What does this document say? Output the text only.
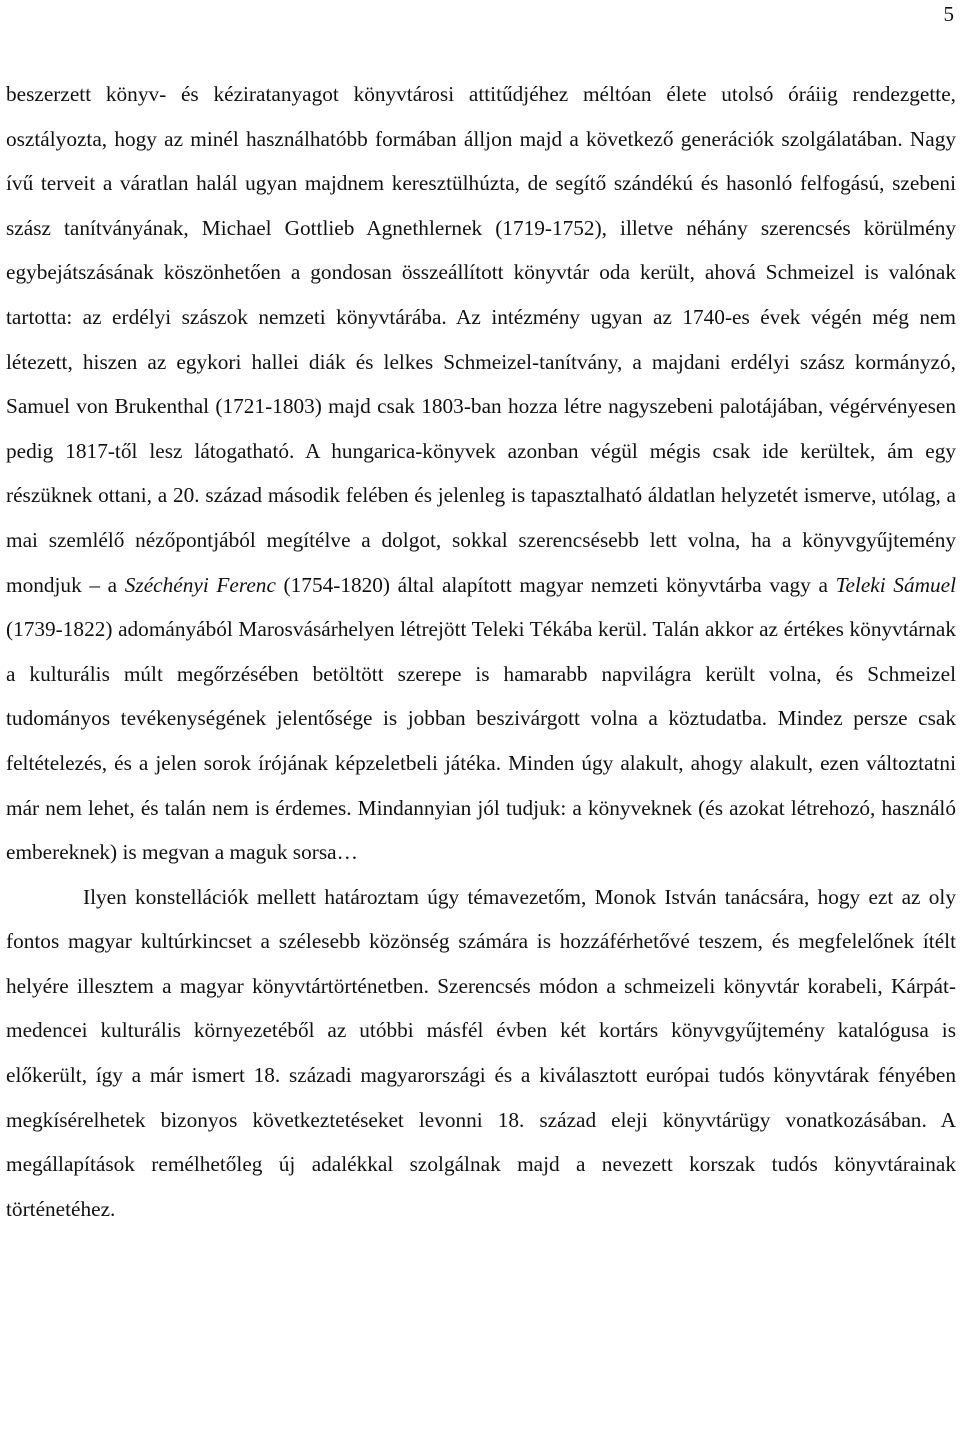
5

beszerzett könyv- és kéziratanyagot könyvtárosi attitűdjéhez méltóan élete utolsó óráiig rendezgette, osztályozta, hogy az minél használhatóbb formában álljon majd a következő generációk szolgálatában. Nagy ívű terveit a váratlan halál ugyan majdnem keresztülhúzta, de segítő szándékú és hasonló felfogású, szebeni szász tanítványának, Michael Gottlieb Agnethlernek (1719-1752), illetve néhány szerencsés körülmény egybejátszásának köszönhetően a gondosan összeállított könyvtár oda került, ahová Schmeizel is valónak tartotta: az erdélyi szászok nemzeti könyvtárába. Az intézmény ugyan az 1740-es évek végén még nem létezett, hiszen az egykori hallei diák és lelkes Schmeizel-tanítvány, a majdani erdélyi szász kormányzó, Samuel von Brukenthal (1721-1803) majd csak 1803-ban hozza létre nagyszebeni palotájában, végérvényesen pedig 1817-től lesz látogatható. A hungarica-könyvek azonban végül mégis csak ide kerültek, ám egy részüknek ottani, a 20. század második felében és jelenleg is tapasztalható áldatlan helyzetét ismerve, utólag, a mai szemlélő nézőpontjából megítélve a dolgot, sokkal szerencsésebb lett volna, ha a könyvgyűjtemény mondjuk – a Széchényi Ferenc (1754-1820) által alapított magyar nemzeti könyvtárba vagy a Teleki Sámuel (1739-1822) adományából Marosvásárhelyen létrejött Teleki Tékába kerül. Talán akkor az értékes könyvtárnak a kulturális múlt megőrzésében betöltött szerepe is hamarabb napvilágra került volna, és Schmeizel tudományos tevékenységének jelentősége is jobban beszivárgott volna a köztudatba. Mindez persze csak feltételezés, és a jelen sorok írójának képzeletbeli játéka. Minden úgy alakult, ahogy alakult, ezen változtatni már nem lehet, és talán nem is érdemes. Mindannyian jól tudjuk: a könyveknek (és azokat létrehozó, használó embereknek) is megvan a maguk sorsa…

Ilyen konstellációk mellett határoztam úgy témavezetőm, Monok István tanácsára, hogy ezt az oly fontos magyar kultúrkincset a szélesebb közönség számára is hozzáférhetővé teszem, és megfelelőnek ítélt helyére illesztem a magyar könyvtártörténetben. Szerencsés módon a schmeizeli könyvtár korabeli, Kárpát-medencei kulturális környezetéből az utóbbi másfél évben két kortárs könyvgyűjtemény katalógusa is előkerült, így a már ismert 18. századi magyarországi és a kiválasztott európai tudós könyvtárak fényében megkísérelhetek bizonyos következtetéseket levonni 18. század eleji könyvtárügy vonatkozásában. A megállapítások remélhetőleg új adalékkal szolgálnak majd a nevezett korszak tudós könyvtárainak történetéhez.
